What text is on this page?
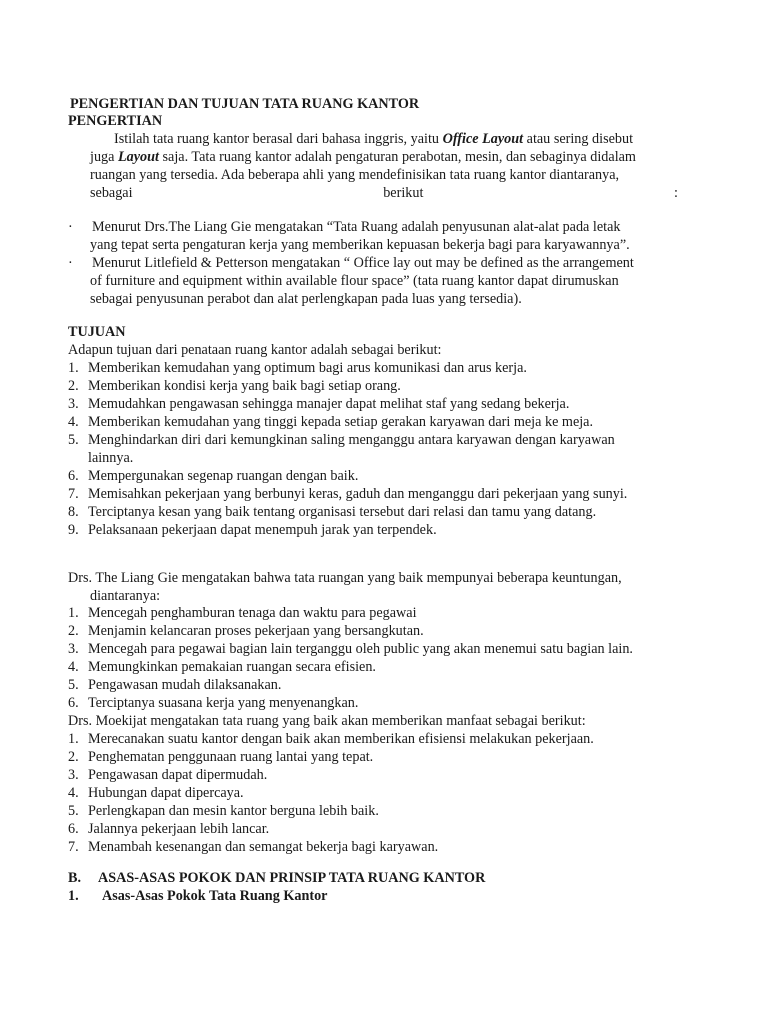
PENGERTIAN DAN TUJUAN TATA RUANG KANTOR
PENGERTIAN
Istilah tata ruang kantor berasal dari bahasa inggris, yaitu Office Layout atau sering disebut
juga Layout saja. Tata ruang kantor adalah pengaturan perabotan, mesin, dan sebaginya didalam
ruangan yang tersedia. Ada beberapa ahli yang mendefinisikan tata ruang kantor diantaranya,
sebagai	berikut	:
· Menurut Drs.The Liang Gie mengatakan “Tata Ruang adalah penyusunan alat-alat pada letak
yang tepat serta pengaturan kerja yang memberikan kepuasan bekerja bagi para karyawannya”.
· Menurut Litlefield & Petterson mengatakan “ Office lay out may be defined as the arrangement
of furniture and equipment within available flour space” (tata ruang kantor dapat dirumuskan
sebagai penyusunan perabot dan alat perlengkapan pada luas yang tersedia).
TUJUAN
Adapun tujuan dari penataan ruang kantor adalah sebagai berikut:
1. Memberikan kemudahan yang optimum bagi arus komunikasi dan arus kerja.
2. Memberikan kondisi kerja yang baik bagi setiap orang.
3. Memudahkan pengawasan sehingga manajer dapat melihat staf yang sedang bekerja.
4. Memberikan kemudahan yang tinggi kepada setiap gerakan karyawan dari meja ke meja.
5. Menghindarkan diri dari kemungkinan saling menganggu antara karyawan dengan karyawan
lainnya.
6. Mempergunakan segenap ruangan dengan baik.
7. Memisahkan pekerjaan yang berbunyi keras, gaduh dan menganggu dari pekerjaan yang sunyi.
8. Terciptanya kesan yang baik tentang organisasi tersebut dari relasi dan tamu yang datang.
9. Pelaksanaan pekerjaan dapat menempuh jarak yan terpendek.
Drs. The Liang Gie mengatakan bahwa tata ruangan yang baik mempunyai beberapa keuntungan,
diantaranya:
1. Mencegah penghamburan tenaga dan waktu para pegawai
2. Menjamin kelancaran proses pekerjaan yang bersangkutan.
3. Mencegah para pegawai bagian lain terganggu oleh public yang akan menemui satu bagian lain.
4. Memungkinkan pemakaian ruangan secara efisien.
5. Pengawasan mudah dilaksanakan.
6. Terciptanya suasana kerja yang menyenangkan.
Drs. Moekijat mengatakan tata ruang yang baik akan memberikan manfaat sebagai berikut:
1. Merecanakan suatu kantor dengan baik akan memberikan efisiensi melakukan pekerjaan.
2. Penghematan penggunaan ruang lantai yang tepat.
3. Pengawasan dapat dipermudah.
4. Hubungan dapat dipercaya.
5. Perlengkapan dan mesin kantor berguna lebih baik.
6. Jalannya pekerjaan lebih lancar.
7. Menambah kesenangan dan semangat bekerja bagi karyawan.
B. ASAS-ASAS POKOK DAN PRINSIP TATA RUANG KANTOR
1. Asas-Asas Pokok Tata Ruang Kantor
